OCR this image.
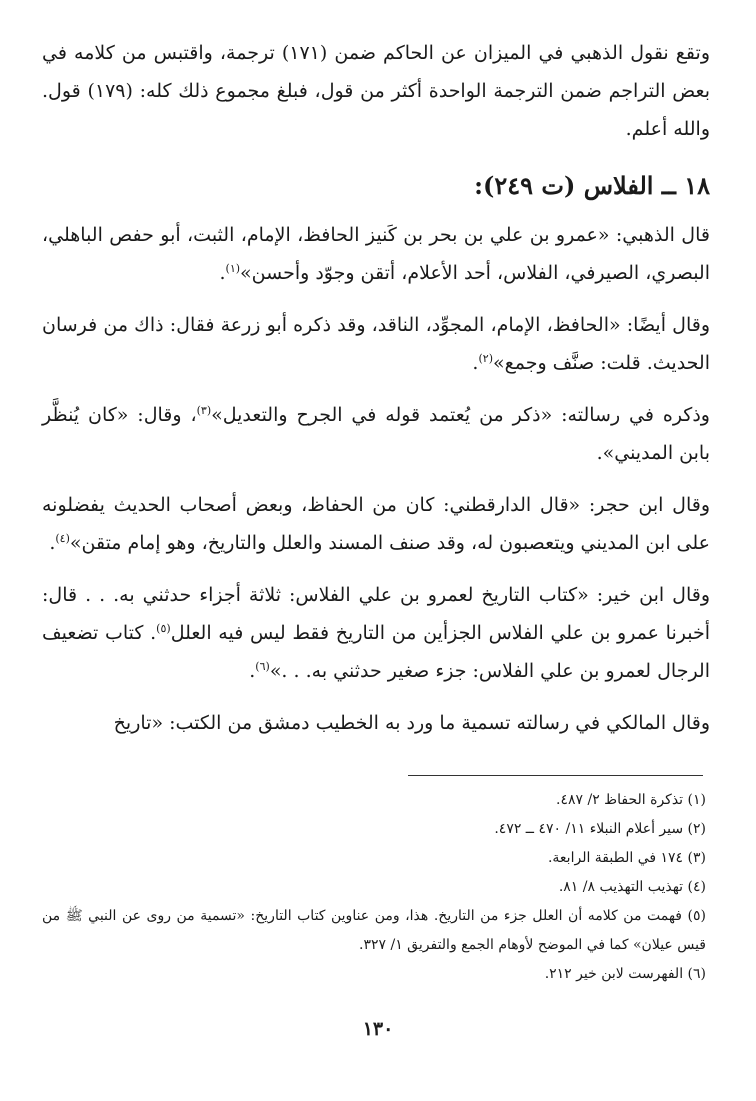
وتقع نقول الذهبي في الميزان عن الحاكم ضمن (١٧١) ترجمة، واقتبس من كلامه في بعض التراجم ضمن الترجمة الواحدة أكثر من قول، فبلغ مجموع ذلك كله: (١٧٩) قول. والله أعلم.

١٨ ــ الفلاس (ت ٢٤٩):

قال الذهبي: «عمرو بن علي بن بحر بن كَنيز الحافظ، الإمام، الثبت، أبو حفص الباهلي، البصري، الصيرفي، الفلاس، أحد الأعلام، أتقن وجوّد وأحسن»$^{(١)}$.

وقال أيضًا: «الحافظ، الإمام، المجوِّد، الناقد، وقد ذكره أبو زرعة فقال: ذاك من فرسان الحديث. قلت: صنَّف وجمع»$^{(٢)}$.

وذكره في رسالته: «ذكر من يُعتمد قوله في الجرح والتعديل»$^{(٣)}$، وقال: «كان يُنظَّر بابن المديني».

وقال ابن حجر: «قال الدارقطني: كان من الحفاظ، وبعض أصحاب الحديث يفضلونه على ابن المديني ويتعصبون له، وقد صنف المسند والعلل والتاريخ، وهو إمام متقن»$^{(٤)}$.

وقال ابن خير: «كتاب التاريخ لعمرو بن علي الفلاس: ثلاثة أجزاء حدثني به. . . قال: أخبرنا عمرو بن علي الفلاس الجزأين من التاريخ فقط ليس فيه العلل$^{(٥)}$. كتاب تضعيف الرجال لعمرو بن علي الفلاس: جزء صغير حدثني به. . .»$^{(٦)}$.

وقال المالكي في رسالته تسمية ما ورد به الخطيب دمشق من الكتب: «تاريخ

(١) تذكرة الحفاظ ٢/ ٤٨٧.

(٢) سير أعلام النبلاء ١١/ ٤٧٠ ــ ٤٧٢.

(٣) ١٧٤ في الطبقة الرابعة.

(٤) تهذيب التهذيب ٨/ ٨١.

(٥) فهمت من كلامه أن العلل جزء من التاريخ. هذا، ومن عناوين كتاب التاريخ: «تسمية من روى عن النبي ﷺ من قيس عيلان» كما في الموضح لأوهام الجمع والتفريق ١/ ٣٢٧.

(٦) الفهرست لابن خير ٢١٢.

١٣٠
